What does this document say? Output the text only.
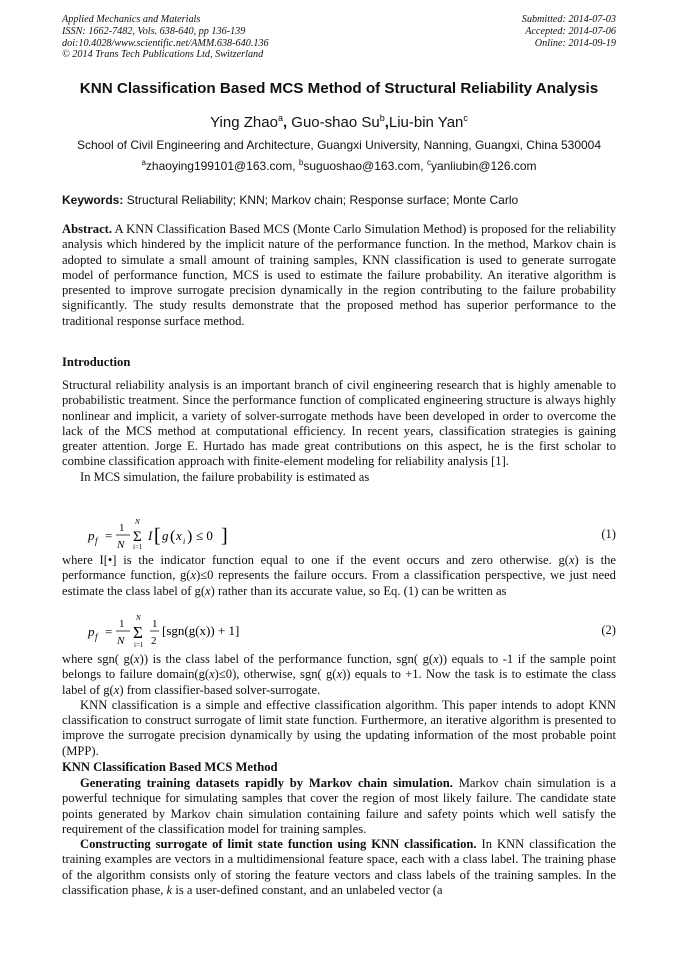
Applied Mechanics and Materials
ISSN: 1662-7482, Vols. 638-640, pp 136-139
doi:10.4028/www.scientific.net/AMM.638-640.136
© 2014 Trans Tech Publications Ltd, Switzerland
Submitted: 2014-07-03
Accepted: 2014-07-06
Online: 2014-09-19
KNN Classification Based MCS Method of Structural Reliability Analysis
Ying Zhao$^a$, Guo-shao Su$^b$,Liu-bin Yan$^c$
School of Civil Engineering and Architecture, Guangxi University, Nanning, Guangxi, China 530004
$^a$zhaoying199101@163.com, $^b$suguoshao@163.com, $^c$yanliubin@126.com
Keywords: Structural Reliability; KNN; Markov chain; Response surface; Monte Carlo

Abstract. A KNN Classification Based MCS (Monte Carlo Simulation Method) is proposed for the reliability analysis which hindered by the implicit nature of the performance function. In the method, Markov chain is adopted to simulate a small amount of training samples, KNN classification is used to generate surrogate model of performance function, MCS is used to estimate the failure probability. An iterative algorithm is presented to improve surrogate precision dynamically in the region contributing to the failure probability significantly. The study results demonstrate that the proposed method has superior performance to the traditional response surface method.

Introduction

Structural reliability analysis is an important branch of civil engineering research that is highly amenable to probabilistic treatment. Since the performance function of complicated engineering structure is always highly nonlinear and implicit, a variety of solver-surrogate methods have been developed in order to overcome the lack of the MCS method at computational efficiency. In recent years, classification strategies is gaining greater attention. Jorge E. Hurtado has made great contributions on this aspect, he is the first scholar to combine classification approach with finite-element modeling for reliability analysis [1].

In MCS simulation, the failure probability is estimated as

p f = 1
N
N
Σ
i=1
I [ g ( x i ) ≤ 0 ]	(1)

where I[•] is the indicator function equal to one if the event occurs and zero otherwise. g(x) is the performance function, g(x)≤0 represents the failure occurs. From a classification perspective, we just need estimate the class label of g(x) rather than its accurate value, so Eq. (1) can be written as

p f = 1
N
N
Σ
i=1
1
2
[sgn(g(x)) + 1]	(2)

where sgn( g(x)) is the class label of the performance function, sgn( g(x)) equals to -1 if the sample point belongs to failure domain(g(x)≤0), otherwise, sgn( g(x)) equals to +1. Now the task is to estimate the class label of g(x) from classifier-based solver-surrogate.

KNN classification is a simple and effective classification algorithm. This paper intends to adopt KNN classification to construct surrogate of limit state function. Furthermore, an iterative algorithm is presented to improve the surrogate precision dynamically by using the updating information of the most probable point (MPP).

KNN Classification Based MCS Method

Generating training datasets rapidly by Markov chain simulation. Markov chain simulation is a powerful technique for simulating samples that cover the region of most likely failure. The candidate state points generated by Markov chain simulation containing failure and safety points which well satisfy the requirement of the classification model for training samples.

Constructing surrogate of limit state function using KNN classification. In KNN classification the training examples are vectors in a multidimensional feature space, each with a class label. The training phase of the algorithm consists only of storing the feature vectors and class labels of the training samples. In the classification phase, k is a user-defined constant, and an unlabeled vector (a
